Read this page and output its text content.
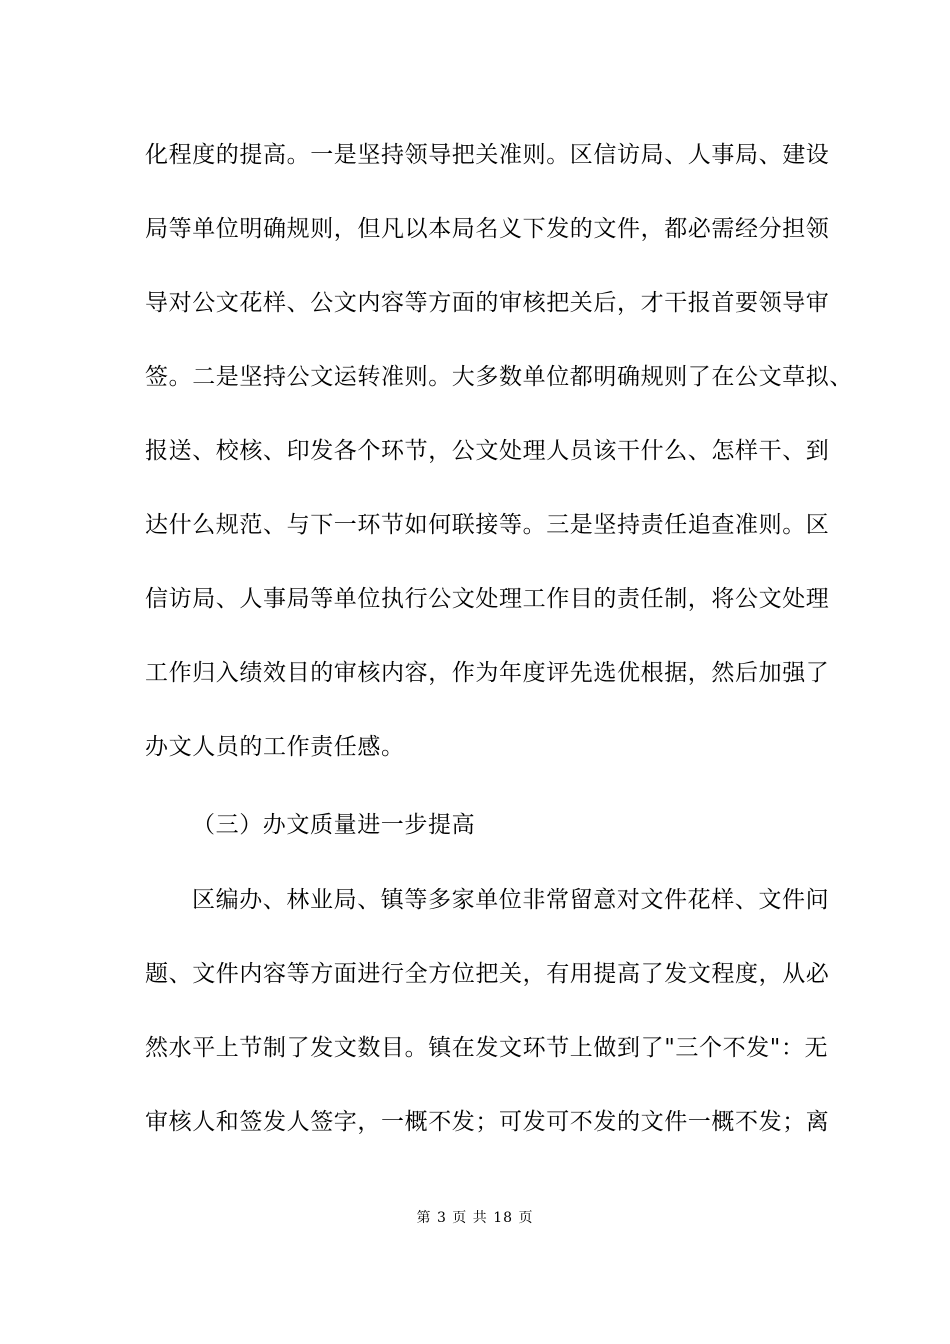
化程度的提高。一是坚持领导把关准则。区信访局、人事局、建设
局等单位明确规则，但凡以本局名义下发的文件，都必需经分担领
导对公文花样、公文内容等方面的审核把关后，才干报首要领导审
签。二是坚持公文运转准则。大多数单位都明确规则了在公文草拟、
报送、校核、印发各个环节，公文处理人员该干什么、怎样干、到
达什么规范、与下一环节如何联接等。三是坚持责任追查准则。区
信访局、人事局等单位执行公文处理工作目的责任制，将公文处理
工作归入绩效目的审核内容，作为年度评先选优根据，然后加强了
办文人员的工作责任感。
（三）办文质量进一步提高
区编办、林业局、镇等多家单位非常留意对文件花样、文件问
题、文件内容等方面进行全方位把关，有用提高了发文程度，从必
然水平上节制了发文数目。镇在发文环节上做到了"三个不发"：无
审核人和签发人签字，一概不发；可发可不发的文件一概不发；离
第 3 页 共 18 页
